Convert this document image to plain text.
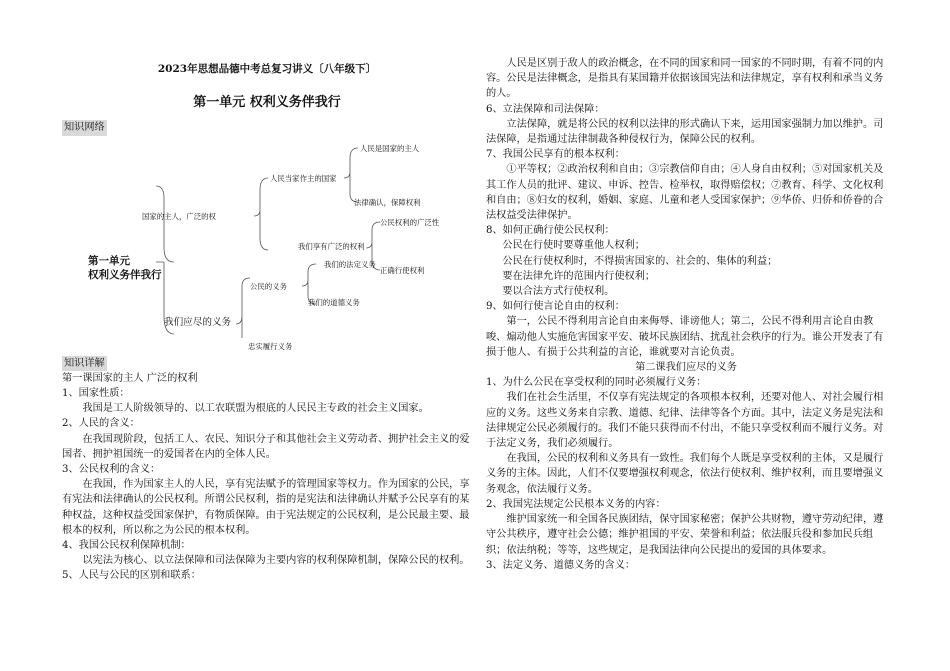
2023年思想品德中考总复习讲义〔八年级下〕
第一单元 权利义务伴我行
知识网络
第一单元
权利义务伴我行
国家的主人，广泛的权
人民当家作主的国家
人民是国家的主人
法律确认，保障权利
我们享有广泛的权利
公民权利的广泛性
正确行使权利
我们应尽的义务
公民的义务
我们的法定义务
我们的道德义务
忠实履行义务
知识详解

第一课国家的主人 广泛的权利

1、国家性质：

我国是工人阶级领导的、以工农联盟为根底的人民民主专政的社会主义国家。

2、人民的含义：

在我国现阶段，包括工人、农民、知识分子和其他社会主义劳动者、拥护社会主义的爱国者、拥护祖国统一的爱国者在内的全体人民。

3、公民权利的含义：

在我国，作为国家主人的人民，享有宪法赋予的管理国家等权力。作为国家的公民，享有宪法和法律确认的公民权利。所谓公民权利，指的是宪法和法律确认并赋予公民享有的某种权益，这种权益受国家保护，有物质保障。由于宪法规定的公民权利，是公民最主要、最根本的权利，所以称之为公民的根本权利。

4、我国公民权利保障机制：

以宪法为核心、以立法保障和司法保障为主要内容的权利保障机制，保障公民的权利。

5、人民与公民的区别和联系：

人民是区别于敌人的政治概念，在不同的国家和同一国家的不同时期，有着不同的内容。公民是法律概念，是指具有某国籍并依据该国宪法和法律规定，享有权利和承当义务的人。

6、立法保障和司法保障：

立法保障，就是将公民的权利以法律的形式确认下来，运用国家强制力加以维护。司法保障，是指通过法律制裁各种侵权行为，保障公民的权利。

7、我国公民享有的根本权利：

①平等权；②政治权利和自由；③宗教信仰自由；④人身自由权利；⑤对国家机关及其工作人员的批评、建议、申诉、控告、检举权，取得赔偿权；⑦教育、科学、文化权利和自由；⑧妇女的权利，婚姻、家庭、儿童和老人受国家保护；⑨华侨、归侨和侨眷的合法权益受法律保护。

8、如何正确行使公民权利：

公民在行使时要尊重他人权利；

公民在行使权利时，不得损害国家的、社会的、集体的利益；

要在法律允许的范围内行使权利；

要以合法方式行使权利。

9、如何行使言论自由的权利：

第一，公民不得利用言论自由来侮辱、诽谤他人；第二，公民不得利用言论自由教唆、煽动他人实施危害国家平安、破坏民族团结、扰乱社会秩序的行为。谁公开发表了有损于他人、有损于公共利益的言论，谁就要对言论负责。

第二课我们应尽的义务

1、为什么公民在享受权利的同时必须履行义务：

我们在社会生活里，不仅享有宪法规定的各项根本权利，还要对他人、对社会履行相应的义务。这些义务来自宗教、道德、纪律、法律等各个方面。其中，法定义务是宪法和法律规定公民必须履行的。我们不能只获得而不付出，不能只享受权利而不履行义务。对于法定义务，我们必须履行。

在我国，公民的权利和义务具有一致性。我们每个人既是享受权利的主体，又是履行义务的主体。因此，人们不仅要增强权利观念，依法行使权利、维护权利，而且要增强义务观念，依法履行义务。

2、我国宪法规定公民根本义务的内容：

维护国家统一和全国各民族团结，保守国家秘密；保护公共财物，遵守劳动纪律，遵守公共秩序，遵守社会公德；维护祖国的平安、荣誉和利益；依法服兵役和参加民兵组织；依法纳税；等等，这些规定，是我国法律向公民提出的爱国的具体要求。

3、法定义务、道德义务的含义：
